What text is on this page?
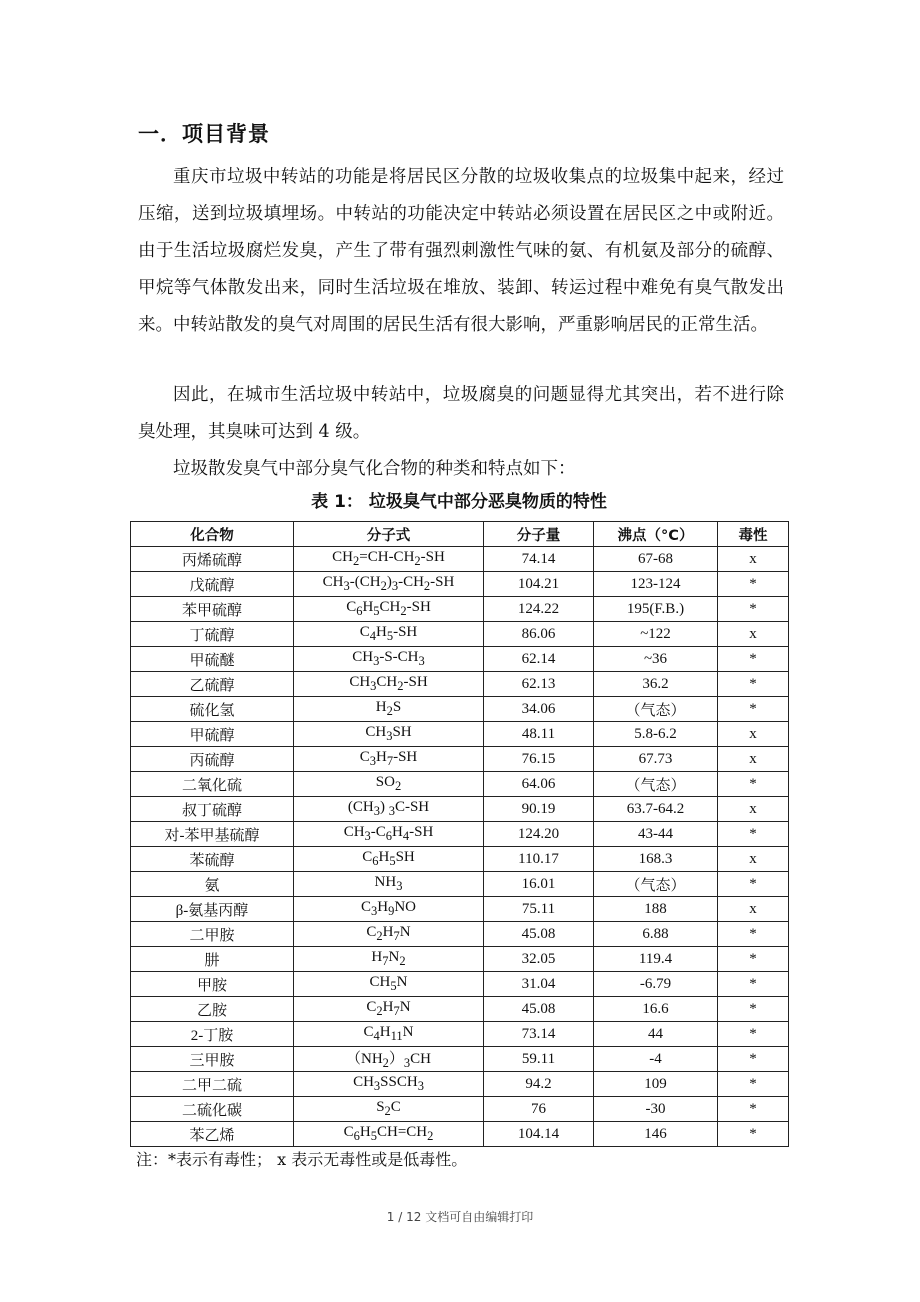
一．项目背景

重庆市垃圾中转站的功能是将居民区分散的垃圾收集点的垃圾集中起来，经过压缩，送到垃圾填埋场。中转站的功能决定中转站必须设置在居民区之中或附近。由于生活垃圾腐烂发臭，产生了带有强烈刺激性气味的氨、有机氨及部分的硫醇、甲烷等气体散发出来，同时生活垃圾在堆放、装卸、转运过程中难免有臭气散发出来。中转站散发的臭气对周围的居民生活有很大影响，严重影响居民的正常生活。

因此，在城市生活垃圾中转站中，垃圾腐臭的问题显得尤其突出，若不进行除臭处理，其臭味可达到 4 级。

垃圾散发臭气中部分臭气化合物的种类和特点如下：

表 1： 垃圾臭气中部分恶臭物质的特性
化合物	分子式	分子量	沸点（°C）	毒性
丙烯硫醇	$CH_2=CH-CH_2-SH$	74.14	67-68	x
戊硫醇	$CH_3-(CH_2)_3-CH_2-SH$	104.21	123-124	*
苯甲硫醇	$C_6H_5CH_2-SH$	124.22	195(F.B.)	*
丁硫醇	$C_4H_5-SH$	86.06	~122	x
甲硫醚	$CH_3-S-CH_3$	62.14	~36	*
乙硫醇	$CH_3CH_2-SH$	62.13	36.2	*
硫化氢	$H_2S$	34.06	（气态）	*
甲硫醇	$CH_3SH$	48.11	5.8-6.2	x
丙硫醇	$C_3H_7-SH$	76.15	67.73	x
二氧化硫	$SO_2$	64.06	（气态）	*
叔丁硫醇	$(CH_3)$ $_3$C-SH	90.19	63.7-64.2	x
对-苯甲基硫醇	$CH_3-C_6H_4-SH$	124.20	43-44	*
苯硫醇	$C_6H_5SH$	110.17	168.3	x
氨	$NH_3$	16.01	（气态）	*
β-氨基丙醇	$C_3H_9NO$	75.11	188	x
二甲胺	$C_2H_7N$	45.08	6.88	*
肼	$H_7N_2$	32.05	119.4	*
甲胺	$CH_5N$	31.04	-6.79	*
乙胺	$C_2H_7N$	45.08	16.6	*
2-丁胺	$C_4H_{11}N$	73.14	44	*
三甲胺	$(NH_2)_3CH$	59.11	-4	*
二甲二硫	$CH_3SSCH_3$	94.2	109	*
二硫化碳	$S_2C$	76	-30	*
苯乙烯	$C_6H_5CH=CH_2$	104.14	146	*
注：*表示有毒性； x 表示无毒性或是低毒性。
1 / 12 文档可自由编辑打印
